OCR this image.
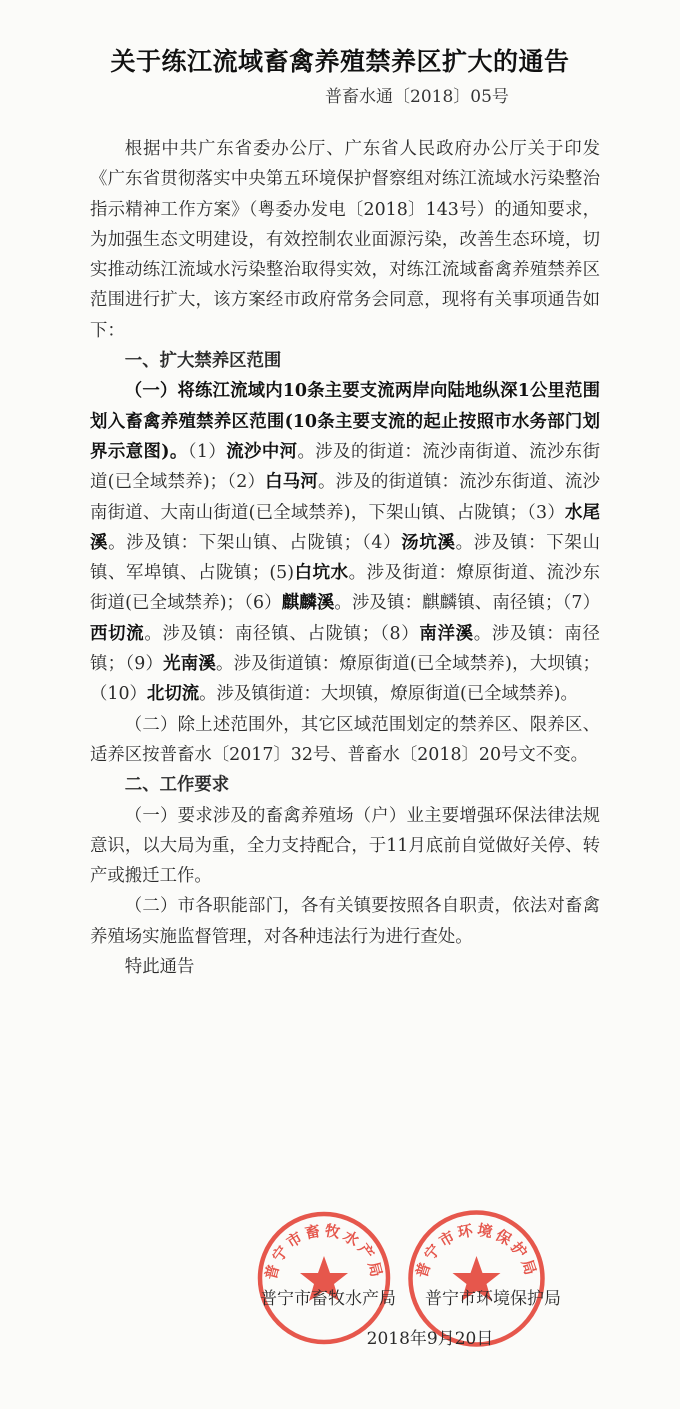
关于练江流域畜禽养殖禁养区扩大的通告
普畜水通〔2018〕05号

根据中共广东省委办公厅、广东省人民政府办公厅关于印发《广东省贯彻落实中央第五环境保护督察组对练江流域水污染整治指示精神工作方案》（粤委办发电〔2018〕143号）的通知要求，为加强生态文明建设，有效控制农业面源污染，改善生态环境，切实推动练江流域水污染整治取得实效，对练江流域畜禽养殖禁养区范围进行扩大，该方案经市政府常务会同意，现将有关事项通告如下：

一、扩大禁养区范围

（一）将练江流域内10条主要支流两岸向陆地纵深1公里范围划入畜禽养殖禁养区范围(10条主要支流的起止按照市水务部门划界示意图)。（1）流沙中河。涉及的街道：流沙南街道、流沙东街道(已全域禁养)；（2）白马河。涉及的街道镇：流沙东街道、流沙南街道、大南山街道(已全域禁养)，下架山镇、占陇镇；（3）水尾溪。涉及镇：下架山镇、占陇镇；（4）汤坑溪。涉及镇：下架山镇、军埠镇、占陇镇；(5)白坑水。涉及街道：燎原街道、流沙东街道(已全域禁养)；（6）麒麟溪。涉及镇：麒麟镇、南径镇；（7）西切流。涉及镇：南径镇、占陇镇；（8）南洋溪。涉及镇：南径镇；（9）光南溪。涉及街道镇：燎原街道(已全域禁养)，大坝镇；（10）北切流。涉及镇街道：大坝镇，燎原街道(已全域禁养)。

（二）除上述范围外，其它区域范围划定的禁养区、限养区、适养区按普畜水〔2017〕32号、普畜水〔2018〕20号文不变。

二、工作要求

（一）要求涉及的畜禽养殖场（户）业主要增强环保法律法规意识，以大局为重，全力支持配合，于11月底前自觉做好关停、转产或搬迁工作。

（二）市各职能部门，各有关镇要按照各自职责，依法对畜禽养殖场实施监督管理，对各种违法行为进行查处。

特此通告

普宁市畜牧水产局 普宁市环境保护局
普宁市畜牧水产局 普宁市环境保护局
2018年9月20日
